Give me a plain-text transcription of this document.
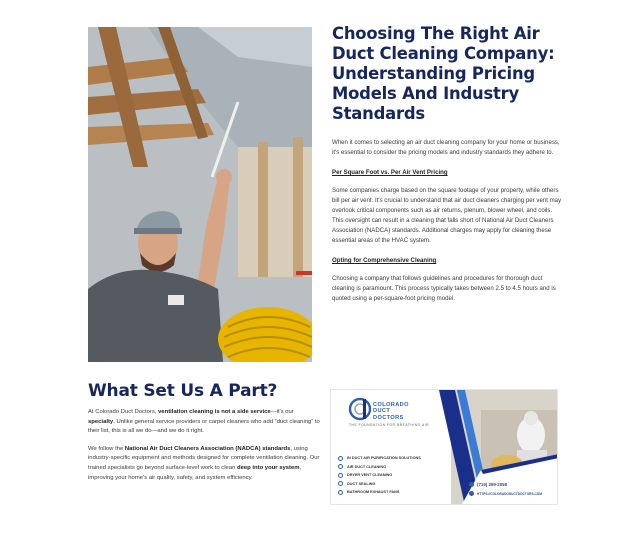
Choosing The Right Air Duct Cleaning Company: Understanding Pricing Models And Industry Standards

When it comes to selecting an air duct cleaning company for your home or business, it's essential to consider the pricing models and industry standards they adhere to.

Per Square Foot vs. Per Air Vent Pricing

Some companies charge based on the square footage of your property, while others bill per air vent. It's crucial to understand that air duct cleaners charging per vent may overlook critical components such as air returns, plenum, blower wheel, and coils. This oversight can result in a cleaning that falls short of National Air Duct Cleaners Association (NADCA) standards. Additional charges may apply for cleaning these essential areas of the HVAC system.

Opting for Comprehensive Cleaning

Choosing a company that follows guidelines and procedures for thorough duct cleaning is paramount. This process typically takes between 2.5 to 4.5 hours and is quoted using a per-square-foot pricing model.

What Set Us A Part?

At Colorado Duct Doctors, ventilation cleaning is not a side service—it's our specialty. Unlike general service providers or carpet cleaners who add “duct cleaning” to their list, this is all we do—and we do it right.

We follow the National Air Duct Cleaners Association (NADCA) standards, using industry-specific equipment and methods designed for complete ventilation cleaning. Our trained specialists go beyond surface-level work to clean deep into your system, improving your home's air quality, safety, and system efficiency.

COLORADO
DUCT
DOCTORS
THE FOUNDATION FOR BREATHING AIR
IN DUCT AIR PURIFICATION SOLUTIONS
AIR DUCT CLEANING
DRYER VENT CLEANING
DUCT SEALING
BATHROOM EXHAUST FANS
(719) 299-2058
HTTPS://COLORADODUCTDOCTORS.COM
